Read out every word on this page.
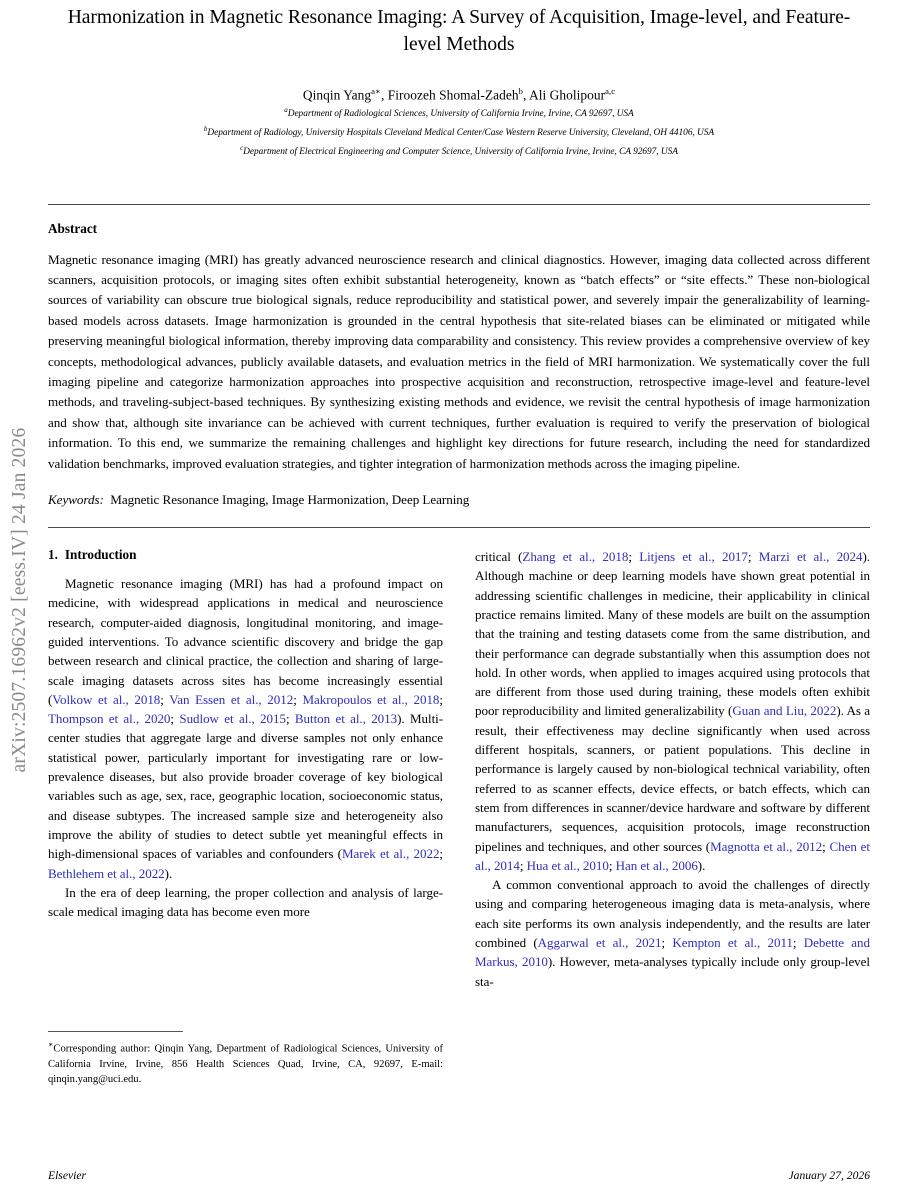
arXiv:2507.16962v2 [eess.IV] 24 Jan 2026
Harmonization in Magnetic Resonance Imaging: A Survey of Acquisition, Image-level, and Feature-level Methods
Qinqin Yang$^{a∗}$, Firoozeh Shomal-Zadeh$^b$, Ali Gholipour$^{a,c}$
$^a$Department of Radiological Sciences, University of California Irvine, Irvine, CA 92697, USA
$^b$Department of Radiology, University Hospitals Cleveland Medical Center/Case Western Reserve University, Cleveland, OH 44106, USA
$^c$Department of Electrical Engineering and Computer Science, University of California Irvine, Irvine, CA 92697, USA
Abstract

Magnetic resonance imaging (MRI) has greatly advanced neuroscience research and clinical diagnostics. However, imaging data collected across different scanners, acquisition protocols, or imaging sites often exhibit substantial heterogeneity, known as “batch effects” or “site effects.” These non-biological sources of variability can obscure true biological signals, reduce reproducibility and statistical power, and severely impair the generalizability of learning-based models across datasets. Image harmonization is grounded in the central hypothesis that site-related biases can be eliminated or mitigated while preserving meaningful biological information, thereby improving data comparability and consistency. This review provides a comprehensive overview of key concepts, methodological advances, publicly available datasets, and evaluation metrics in the field of MRI harmonization. We systematically cover the full imaging pipeline and categorize harmonization approaches into prospective acquisition and reconstruction, retrospective image-level and feature-level methods, and traveling-subject-based techniques. By synthesizing existing methods and evidence, we revisit the central hypothesis of image harmonization and show that, although site invariance can be achieved with current techniques, further evaluation is required to verify the preservation of biological information. To this end, we summarize the remaining challenges and highlight key directions for future research, including the need for standardized validation benchmarks, improved evaluation strategies, and tighter integration of harmonization methods across the imaging pipeline.

Keywords: Magnetic Resonance Imaging, Image Harmonization, Deep Learning
1. Introduction

Magnetic resonance imaging (MRI) has had a profound impact on medicine, with widespread applications in medical and neuroscience research, computer-aided diagnosis, longitudinal monitoring, and image-guided interventions. To advance scientific discovery and bridge the gap between research and clinical practice, the collection and sharing of large-scale imaging datasets across sites has become increasingly essential (Volkow et al., 2018; Van Essen et al., 2012; Makropoulos et al., 2018; Thompson et al., 2020; Sudlow et al., 2015; Button et al., 2013). Multi-center studies that aggregate large and diverse samples not only enhance statistical power, particularly important for investigating rare or low-prevalence diseases, but also provide broader coverage of key biological variables such as age, sex, race, geographic location, socioeconomic status, and disease subtypes. The increased sample size and heterogeneity also improve the ability of studies to detect subtle yet meaningful effects in high-dimensional spaces of variables and confounders (Marek et al., 2022; Bethlehem et al., 2022).

In the era of deep learning, the proper collection and analysis of large-scale medical imaging data has become even more

∗Corresponding author: Qinqin Yang, Department of Radiological Sciences, University of California Irvine, Irvine, 856 Health Sciences Quad, Irvine, CA, 92697, E-mail: qinqin.yang@uci.edu.

critical (Zhang et al., 2018; Litjens et al., 2017; Marzi et al., 2024). Although machine or deep learning models have shown great potential in addressing scientific challenges in medicine, their applicability in clinical practice remains limited. Many of these models are built on the assumption that the training and testing datasets come from the same distribution, and their performance can degrade substantially when this assumption does not hold. In other words, when applied to images acquired using protocols that are different from those used during training, these models often exhibit poor reproducibility and limited generalizability (Guan and Liu, 2022). As a result, their effectiveness may decline significantly when used across different hospitals, scanners, or patient populations. This decline in performance is largely caused by non-biological technical variability, often referred to as scanner effects, device effects, or batch effects, which can stem from differences in scanner/device hardware and software by different manufacturers, sequences, acquisition protocols, image reconstruction pipelines and techniques, and other sources (Magnotta et al., 2012; Chen et al., 2014; Hua et al., 2010; Han et al., 2006).

A common conventional approach to avoid the challenges of directly using and comparing heterogeneous imaging data is meta-analysis, where each site performs its own analysis independently, and the results are later combined (Aggarwal et al., 2021; Kempton et al., 2011; Debette and Markus, 2010). However, meta-analyses typically include only group-level sta-

Elsevier	January 27, 2026
